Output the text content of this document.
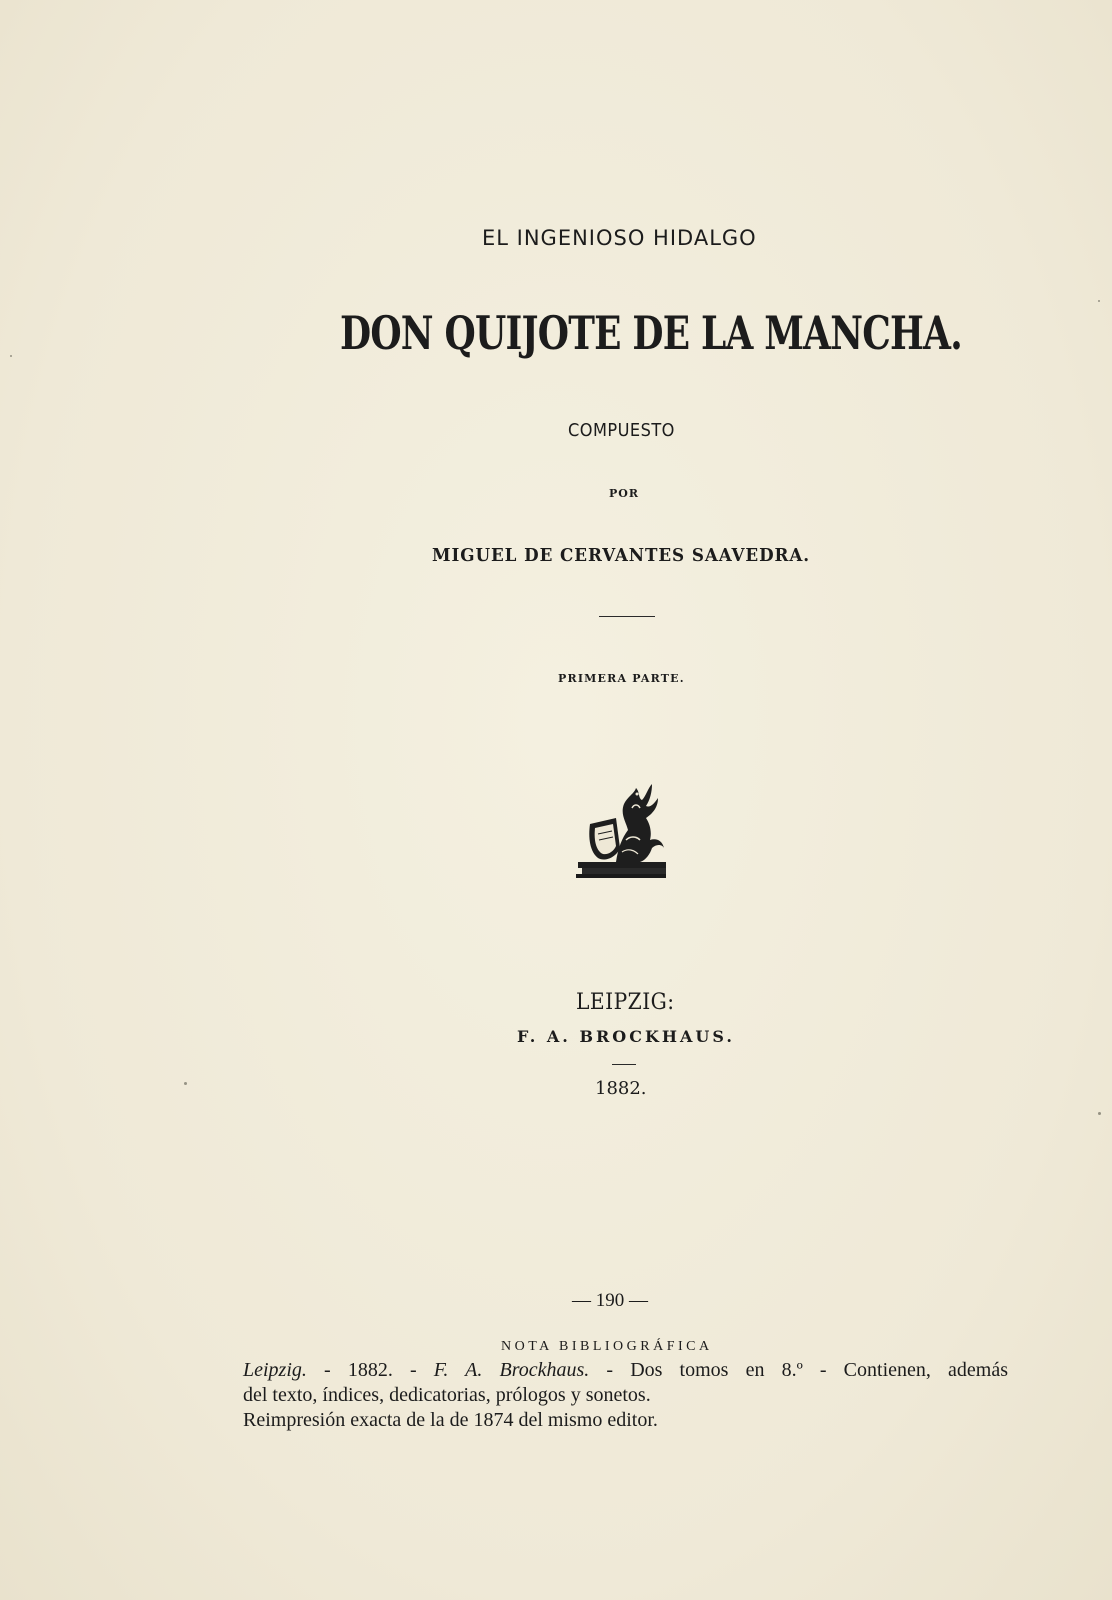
EL INGENIOSO HIDALGO
DON QUIJOTE DE LA MANCHA.
COMPUESTO
POR
MIGUEL DE CERVANTES SAAVEDRA.
PRIMERA PARTE.
LEIPZIG:
F. A. BROCKHAUS.
1882.
— 190 —
NOTA BIBLIOGRÁFICA
Leipzig. - 1882. - F. A. Brockhaus. - Dos tomos en 8.º - Contienen, además
del texto, índices, dedicatorias, prólogos y sonetos.
Reimpresión exacta de la de 1874 del mismo editor.
